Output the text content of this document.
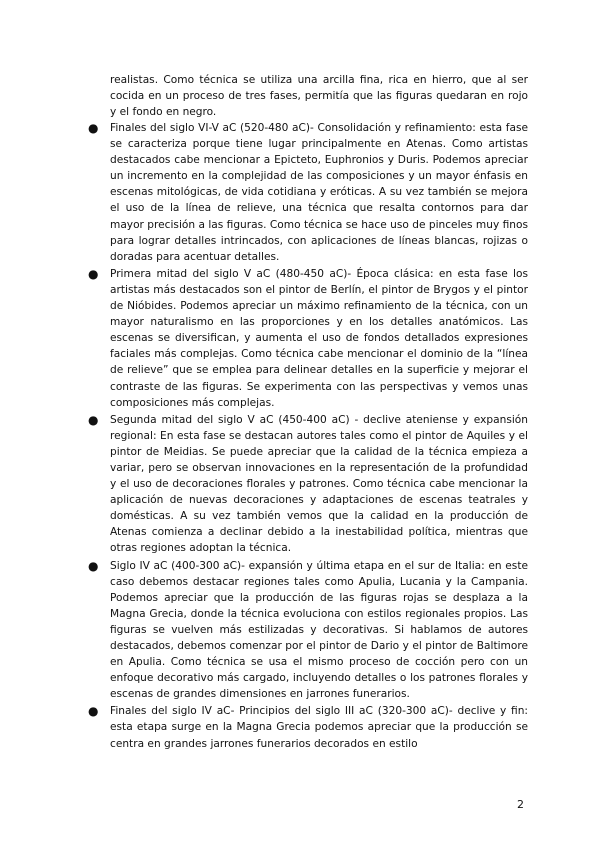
realistas. Como técnica se utiliza una arcilla fina, rica en hierro, que al ser cocida en un proceso de tres fases, permitía que las figuras quedaran en rojo y el fondo en negro.

● Finales del siglo VI-V aC (520-480 aC)- Consolidación y refinamiento: esta fase se caracteriza porque tiene lugar principalmente en Atenas. Como artistas destacados cabe mencionar a Epicteto, Euphronios y Duris. Podemos apreciar un incremento en la complejidad de las composiciones y un mayor énfasis en escenas mitológicas, de vida cotidiana y eróticas. A su vez también se mejora el uso de la línea de relieve, una técnica que resalta contornos para dar mayor precisión a las figuras. Como técnica se hace uso de pinceles muy finos para lograr detalles intrincados, con aplicaciones de líneas blancas, rojizas o doradas para acentuar detalles.
● Primera mitad del siglo V aC (480-450 aC)- Época clásica: en esta fase los artistas más destacados son el pintor de Berlín, el pintor de Brygos y el pintor de Nióbides. Podemos apreciar un máximo refinamiento de la técnica, con un mayor naturalismo en las proporciones y en los detalles anatómicos. Las escenas se diversifican, y aumenta el uso de fondos detallados expresiones faciales más complejas. Como técnica cabe mencionar el dominio de la “línea de relieve” que se emplea para delinear detalles en la superficie y mejorar el contraste de las figuras. Se experimenta con las perspectivas y vemos unas composiciones más complejas.
● Segunda mitad del siglo V aC (450-400 aC) - declive ateniense y expansión regional: En esta fase se destacan autores tales como el pintor de Aquiles y el pintor de Meidias. Se puede apreciar que la calidad de la técnica empieza a variar, pero se observan innovaciones en la representación de la profundidad y el uso de decoraciones florales y patrones. Como técnica cabe mencionar la aplicación de nuevas decoraciones y adaptaciones de escenas teatrales y domésticas. A su vez también vemos que la calidad en la producción de Atenas comienza a declinar debido a la inestabilidad política, mientras que otras regiones adoptan la técnica.
● Siglo IV aC (400-300 aC)- expansión y última etapa en el sur de Italia: en este caso debemos destacar regiones tales como Apulia, Lucania y la Campania. Podemos apreciar que la producción de las figuras rojas se desplaza a la Magna Grecia, donde la técnica evoluciona con estilos regionales propios. Las figuras se vuelven más estilizadas y decorativas. Si hablamos de autores destacados, debemos comenzar por el pintor de Dario y el pintor de Baltimore en Apulia. Como técnica se usa el mismo proceso de cocción pero con un enfoque decorativo más cargado, incluyendo detalles o los patrones florales y escenas de grandes dimensiones en jarrones funerarios.
● Finales del siglo IV aC- Principios del siglo III aC (320-300 aC)- declive y fin: esta etapa surge en la Magna Grecia podemos apreciar que la producción se centra en grandes jarrones funerarios decorados en estilo
2
